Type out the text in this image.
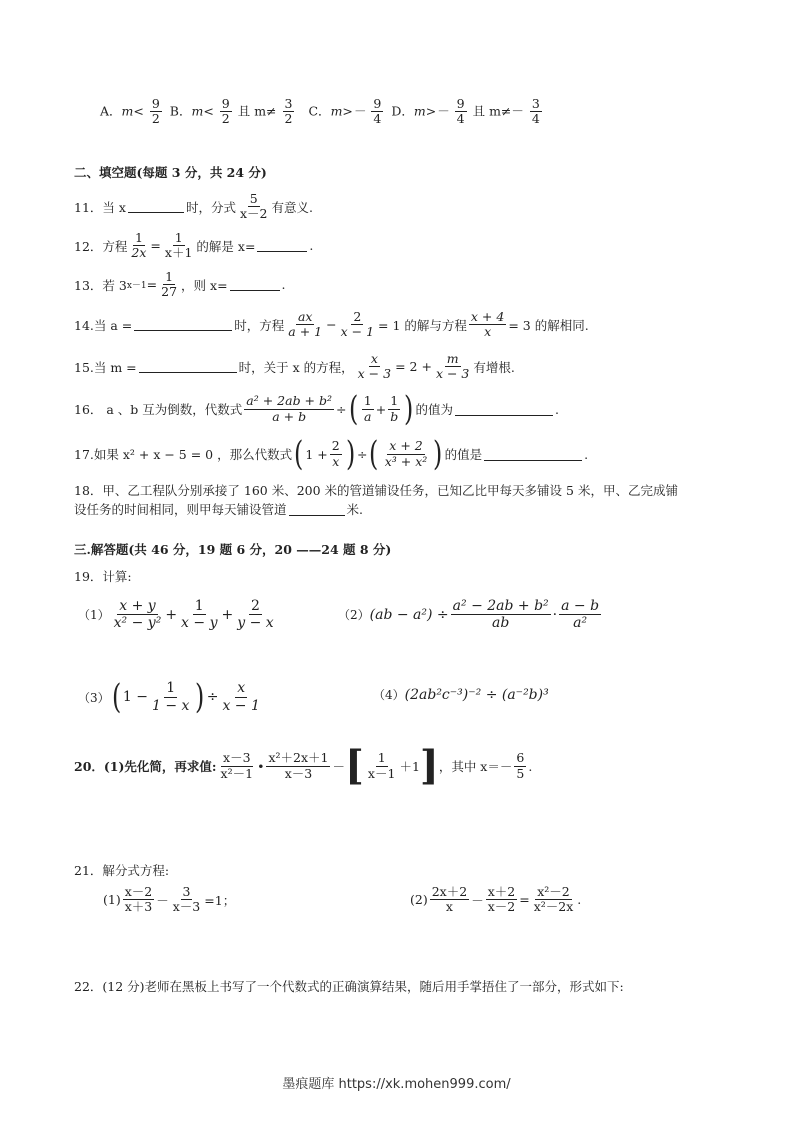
A．$m< \frac{9}{2}$ B．$m< \frac{9}{2}$ 且 $m\ne \frac{3}{2}$ C．$m>- \frac{9}{4}$ D．$m>- \frac{9}{4}$ 且 $m\ne- \frac{3}{4}$
二、填空题(每题 3 分，共 24 分)
11．当 x	时，分式 $\frac{5}{x-2}$ 有意义.
12．方程 $\frac{1}{2x} = \frac{1}{x+1}$ 的解是 x=	.
13．若 3 $x-1 = \frac{1}{27}$ ，则 x=	.
14.当 a =	时，方程 $\frac{ax}{a + 1} - \frac{2}{x - 1} = 1$ 的解与方程 $\frac{x + 4}{x} = 3$ 的解相同.
15.当 m =	时，关于 x 的方程， $\frac{x}{x - 3} = 2 + \frac{m}{x - 3}$ 有增根.
16． a 、b 互为倒数，代数式 $\frac{\text{a² + 2ab + b²}}{a + b}$ ÷ ( $\frac{1}{a} + \frac{1}{b}$ ) 的值为	.
17.如果 x² + x − 5 = 0 ，那么代数式 ( $1 + \frac{2}{x}$ ) ÷ ( $\frac{x + 2}{\text{x³ + x²}}$ ) 的值是	.
18．甲、乙工程队分别承接了 160 米、200 米的管道铺设任务，已知乙比甲每天多铺设 5 米，甲、乙完成铺
设任务的时间相同，则甲每天铺设管道	米.
三.解答题(共 46 分，19 题 6 分，20 ——24 题 8 分)
19．计算:
$(1) \frac{x + y}{\text{x² − y²}} + \frac{1}{x - y} + \frac{2}{y - x}$	（2） $(ab - a^2) \div \frac{\text{a² − 2ab + b²}}{ab} \cdot \frac{a - b}{\text{a²}}$
（3） ( $1 - \frac{1}{1 - x}$ ) ÷ $\frac{x}{x - 1}$	（4） (2ab²c⁻³)⁻² ÷ (a⁻²b)³
20．(1)先化简，再求值: $\frac{x-3}{\text{x²－1}}$ • $\frac{\text{x²＋2x＋1}}{x-3}$ － [ $\frac{1}{x-1} +1$ ] ，其中 $x=- \frac{6}{5}$ .
21．解分式方程:
$(1) \frac{x-2}{x+3} - \frac{3}{x-3} =1$；	$(2) \frac{2x+2}{x} - \frac{x+2}{x-2} = \frac{\text{x²－2}}{\text{x²－2x}}$ .
22．(12 分)老师在黑板上书写了一个代数式的正确演算结果，随后用手掌捂住了一部分，形式如下:
墨痕题库 https://xk.mohen999.com/
